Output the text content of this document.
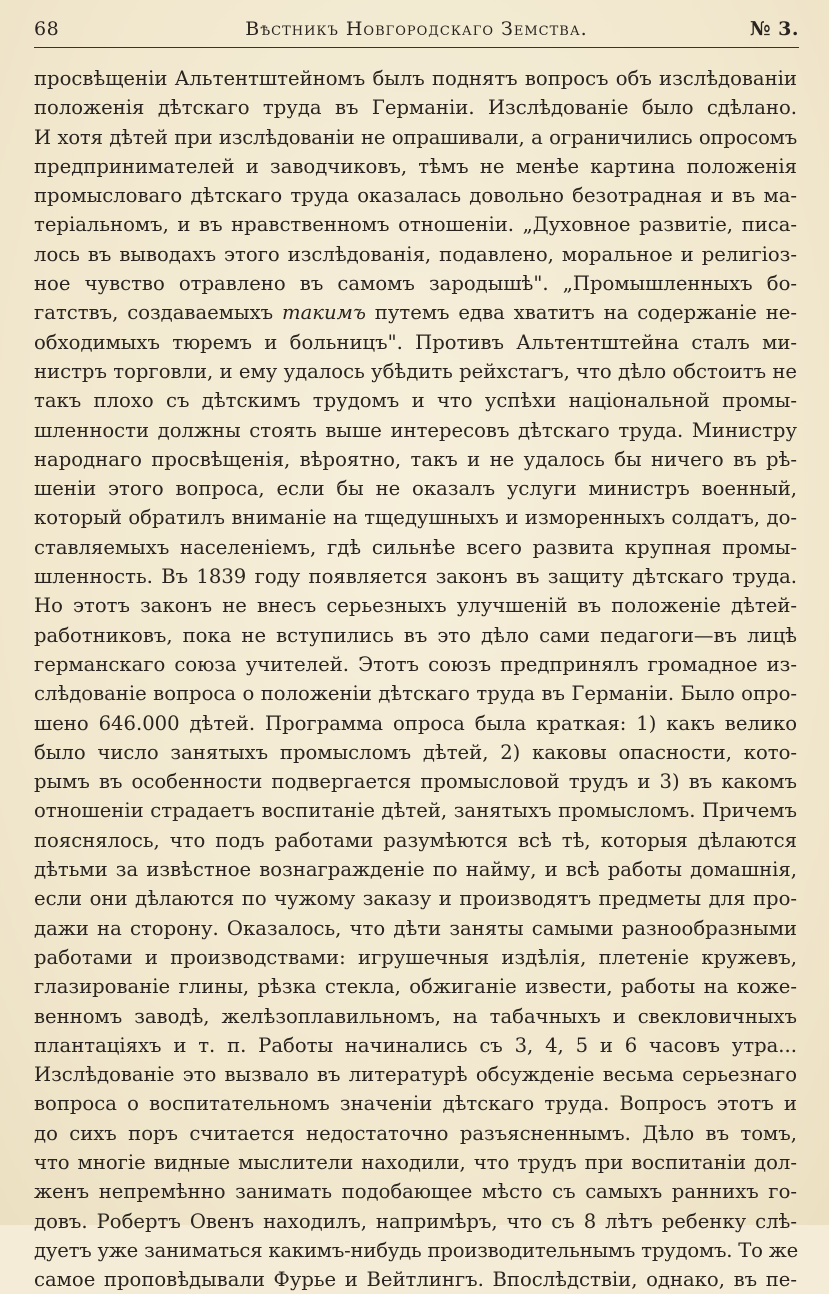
68	Вѣстникъ Новгородскаго Земства.	№ 3.
просвѣщеніи Альтентштейномъ былъ поднятъ вопросъ объ изслѣдованіи
положенія дѣтскаго труда въ Германіи. Изслѣдованіе было сдѣлано.
И хотя дѣтей при изслѣдованіи не опрашивали, а ограничились опросомъ
предпринимателей и заводчиковъ, тѣмъ не менѣе картина положенія
промысловаго дѣтскаго труда оказалась довольно безотрадная и въ ма-
теріальномъ, и въ нравственномъ отношеніи. „Духовное развитіе, писа-
лось въ выводахъ этого изслѣдованія, подавлено, моральное и религіоз-
ное чувство отравлено въ самомъ зародышѣ". „Промышленныхъ бо-
гатствъ, создаваемыхъ такимъ путемъ едва хватитъ на содержаніе не-
обходимыхъ тюремъ и больницъ". Противъ Альтентштейна сталъ ми-
нистръ торговли, и ему удалось убѣдить рейхстагъ, что дѣло обстоитъ не
такъ плохо съ дѣтскимъ трудомъ и что успѣхи національной промы-
шленности должны стоять выше интересовъ дѣтскаго труда. Министру
народнаго просвѣщенія, вѣроятно, такъ и не удалось бы ничего въ рѣ-
шеніи этого вопроса, если бы не оказалъ услуги министръ военный,
который обратилъ вниманіе на тщедушныхъ и изморенныхъ солдатъ, до-
ставляемыхъ населеніемъ, гдѣ сильнѣе всего развита крупная промы-
шленность. Въ 1839 году появляется законъ въ защиту дѣтскаго труда.
Но этотъ законъ не внесъ серьезныхъ улучшеній въ положеніе дѣтей-
работниковъ, пока не вступились въ это дѣло сами педагоги—въ лицѣ
германскаго союза учителей. Этотъ союзъ предпринялъ громадное из-
слѣдованіе вопроса о положеніи дѣтскаго труда въ Германіи. Было опро-
шено 646.000 дѣтей. Программа опроса была краткая: 1) какъ велико
было число занятыхъ промысломъ дѣтей, 2) каковы опасности, кото-
рымъ въ особенности подвергается промысловой трудъ и 3) въ какомъ
отношеніи страдаетъ воспитаніе дѣтей, занятыхъ промысломъ. Причемъ
пояснялось, что подъ работами разумѣются всѣ тѣ, которыя дѣлаются
дѣтьми за извѣстное вознагражденіе по найму, и всѣ работы домашнія,
если они дѣлаются по чужому заказу и производятъ предметы для про-
дажи на сторону. Оказалось, что дѣти заняты самыми разнообразными
работами и производствами: игрушечныя издѣлія, плетеніе кружевъ,
глазированіе глины, рѣзка стекла, обжиганіе извести, работы на коже-
венномъ заводѣ, желѣзоплавильномъ, на табачныхъ и свекловичныхъ
плантаціяхъ и т. п. Работы начинались съ 3, 4, 5 и 6 часовъ утра...
Изслѣдованіе это вызвало въ литературѣ обсужденіе весьма серьезнаго
вопроса о воспитательномъ значеніи дѣтскаго труда. Вопросъ этотъ и
до сихъ поръ считается недостаточно разъясненнымъ. Дѣло въ томъ,
что многіе видные мыслители находили, что трудъ при воспитаніи дол-
женъ непремѣнно занимать подобающее мѣсто съ самыхъ раннихъ го-
довъ. Робертъ Овенъ находилъ, напримѣръ, что съ 8 лѣтъ ребенку слѣ-
дуетъ уже заниматься какимъ-нибудь производительнымъ трудомъ. То же
самое проповѣдывали Фурье и Вейтлингъ. Впослѣдствіи, однако, въ пе-
